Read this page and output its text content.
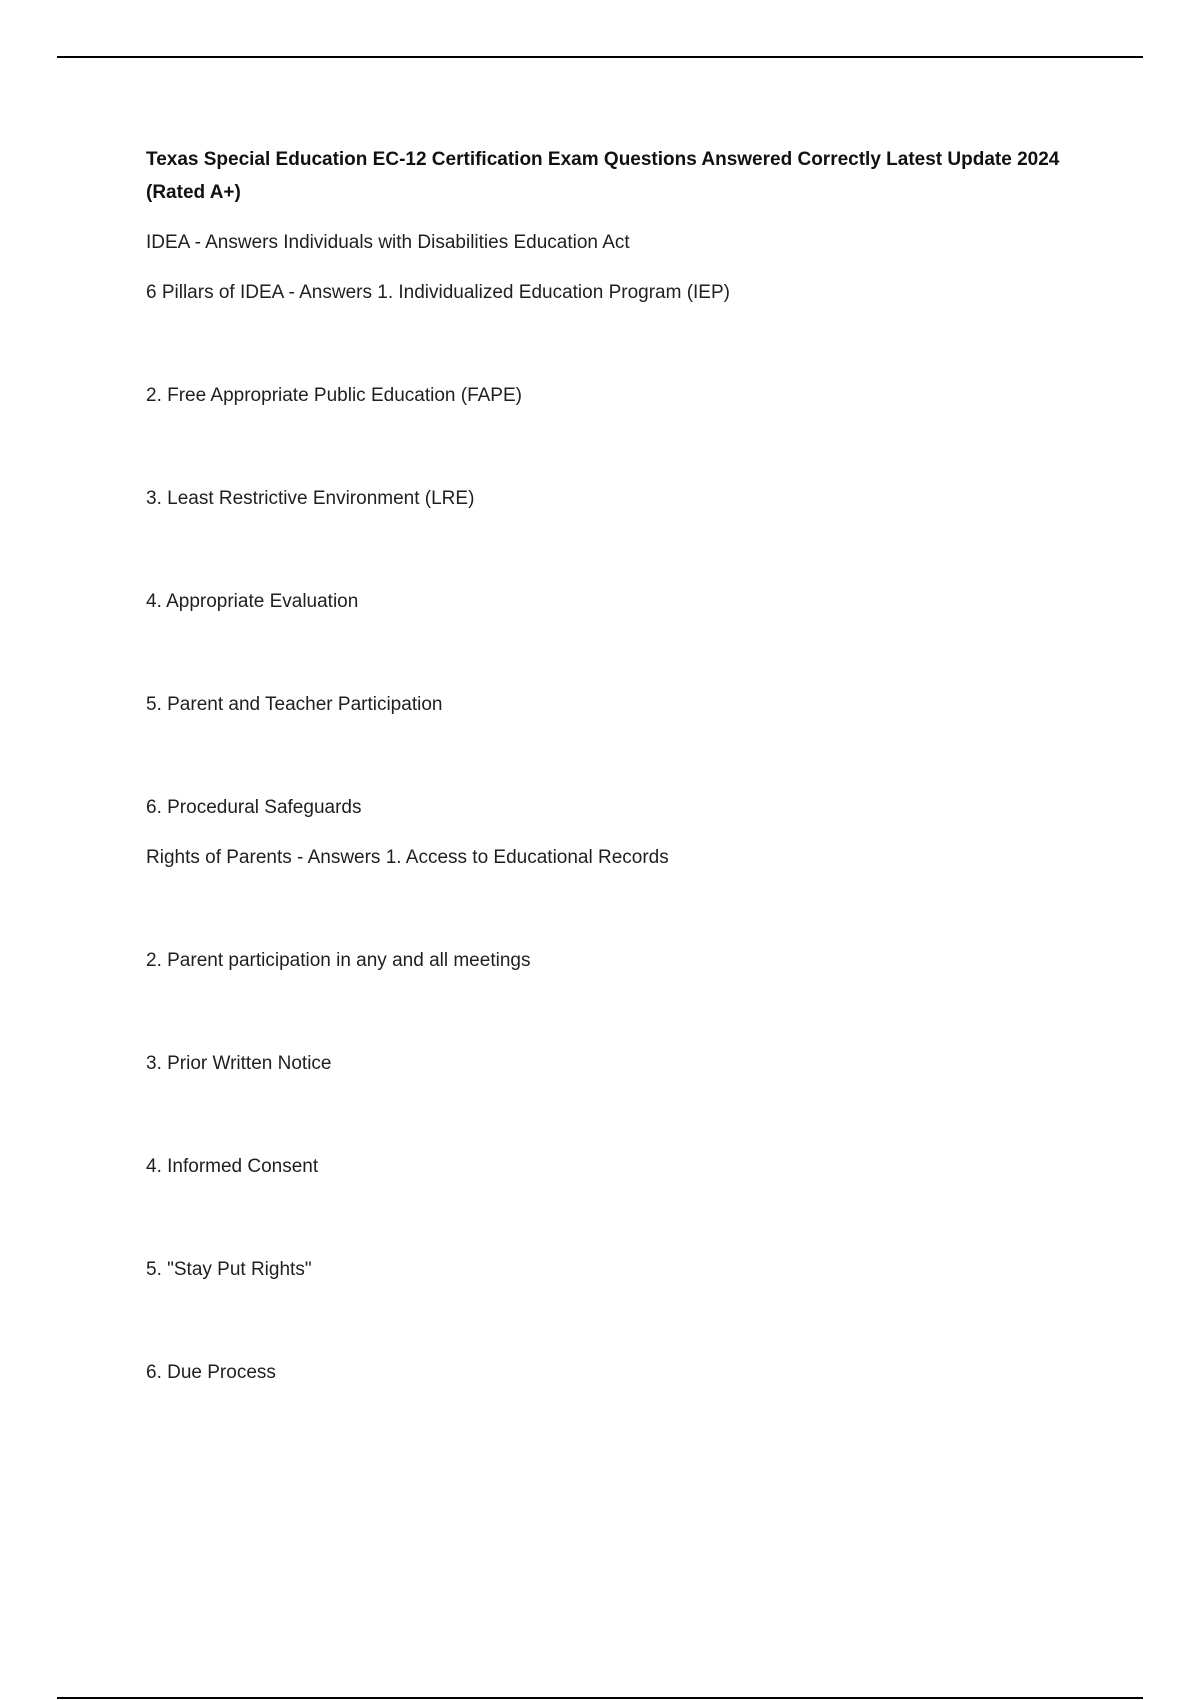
Texas Special Education EC-12 Certification Exam Questions Answered Correctly Latest Update 2024 (Rated A+)

IDEA - Answers Individuals with Disabilities Education Act

6 Pillars of IDEA - Answers 1. Individualized Education Program (IEP)

2. Free Appropriate Public Education (FAPE)

3. Least Restrictive Environment (LRE)

4. Appropriate Evaluation

5. Parent and Teacher Participation

6. Procedural Safeguards

Rights of Parents - Answers 1. Access to Educational Records

2. Parent participation in any and all meetings

3. Prior Written Notice

4. Informed Consent

5. "Stay Put Rights"

6. Due Process
